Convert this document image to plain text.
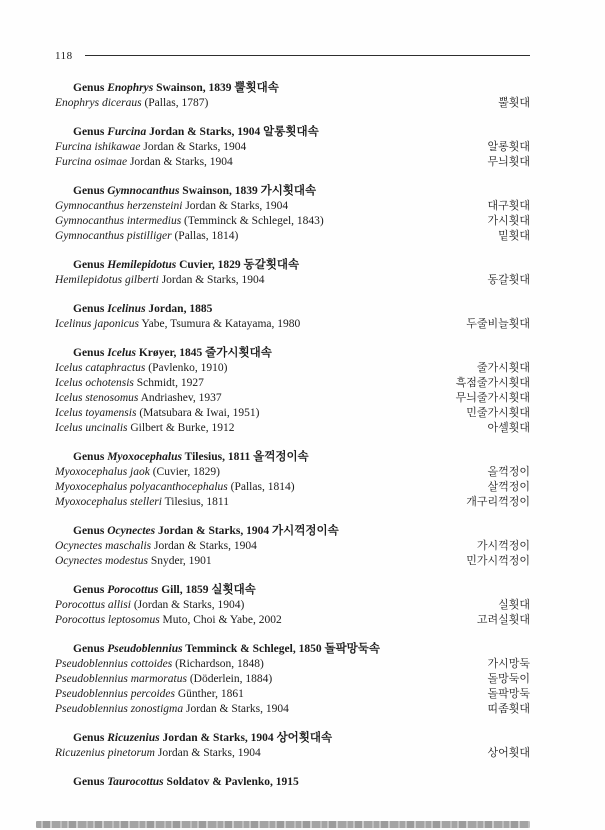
118
Genus Enophrys Swainson, 1839 뿔횟대속
Enophrys diceraus (Pallas, 1787)	뿔횟대
Genus Furcina Jordan & Starks, 1904 알롱횟대속
Furcina ishikawae Jordan & Starks, 1904	알롱횟대
Furcina osimae Jordan & Starks, 1904	무늬횟대
Genus Gymnocanthus Swainson, 1839 가시횟대속
Gymnocanthus herzensteini Jordan & Starks, 1904	대구횟대
Gymnocanthus intermedius (Temminck & Schlegel, 1843)	가시횟대
Gymnocanthus pistilliger (Pallas, 1814)	밑횟대
Genus Hemilepidotus Cuvier, 1829 동갈횟대속
Hemilepidotus gilberti Jordan & Starks, 1904	동갈횟대
Genus Icelinus Jordan, 1885
Icelinus japonicus Yabe, Tsumura & Katayama, 1980	두줄비늘횟대
Genus Icelus Krøyer, 1845 줄가시횟대속
Icelus cataphractus (Pavlenko, 1910)	줄가시횟대
Icelus ochotensis Schmidt, 1927	흑점줄가시횟대
Icelus stenosomus Andriashev, 1937	무늬줄가시횟대
Icelus toyamensis (Matsubara & Iwai, 1951)	민줄가시횟대
Icelus uncinalis Gilbert & Burke, 1912	아셀횟대
Genus Myoxocephalus Tilesius, 1811 올꺽정이속
Myoxocephalus jaok (Cuvier, 1829)	올꺽정이
Myoxocephalus polyacanthocephalus (Pallas, 1814)	살꺽정이
Myoxocephalus stelleri Tilesius, 1811	개구리꺽정이
Genus Ocynectes Jordan & Starks, 1904 가시꺽정이속
Ocynectes maschalis Jordan & Starks, 1904	가시꺽정이
Ocynectes modestus Snyder, 1901	민가시꺽정이
Genus Porocottus Gill, 1859 실횟대속
Porocottus allisi (Jordan & Starks, 1904)	실횟대
Porocottus leptosomus Muto, Choi & Yabe, 2002	고려실횟대
Genus Pseudoblennius Temminck & Schlegel, 1850 돌팍망둑속
Pseudoblennius cottoides (Richardson, 1848)	가시망둑
Pseudoblennius marmoratus (Döderlein, 1884)	돌망둑이
Pseudoblennius percoides Günther, 1861	돌팍망둑
Pseudoblennius zonostigma Jordan & Starks, 1904	띠좀횟대
Genus Ricuzenius Jordan & Starks, 1904 상어횟대속
Ricuzenius pinetorum Jordan & Starks, 1904	상어횟대
Genus Taurocottus Soldatov & Pavlenko, 1915
